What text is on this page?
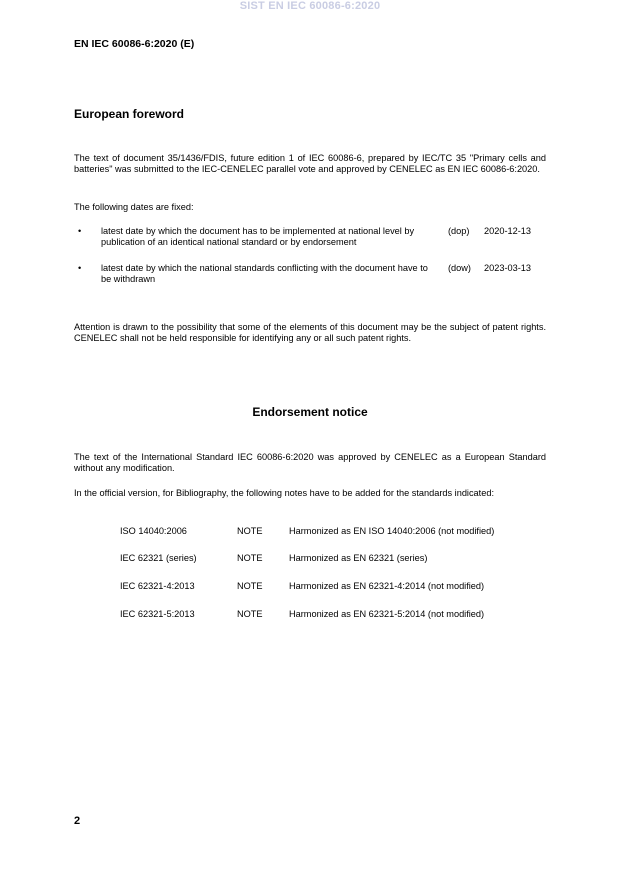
SIST EN IEC 60086-6:2020
EN IEC 60086-6:2020 (E)
European foreword

The text of document 35/1436/FDIS, future edition 1 of IEC 60086-6, prepared by IEC/TC 35 "Primary cells and batteries" was submitted to the IEC-CENELEC parallel vote and approved by CENELEC as EN IEC 60086-6:2020.

The following dates are fixed:

• latest date by which the document has to be implemented at national level by publication of an identical national standard or by endorsement
(dop) 2020-12-13
• latest date by which the national standards conflicting with the document have to be withdrawn
(dow) 2023-03-13

Attention is drawn to the possibility that some of the elements of this document may be the subject of patent rights. CENELEC shall not be held responsible for identifying any or all such patent rights.

Endorsement notice

The text of the International Standard IEC 60086-6:2020 was approved by CENELEC as a European Standard without any modification.

In the official version, for Bibliography, the following notes have to be added for the standards indicated:

ISO 14040:2006	NOTE	Harmonized as EN ISO 14040:2006 (not modified)
IEC 62321 (series)	NOTE	Harmonized as EN 62321 (series)
IEC 62321-4:2013	NOTE	Harmonized as EN 62321-4:2014 (not modified)
IEC 62321-5:2013	NOTE	Harmonized as EN 62321-5:2014 (not modified)
2
